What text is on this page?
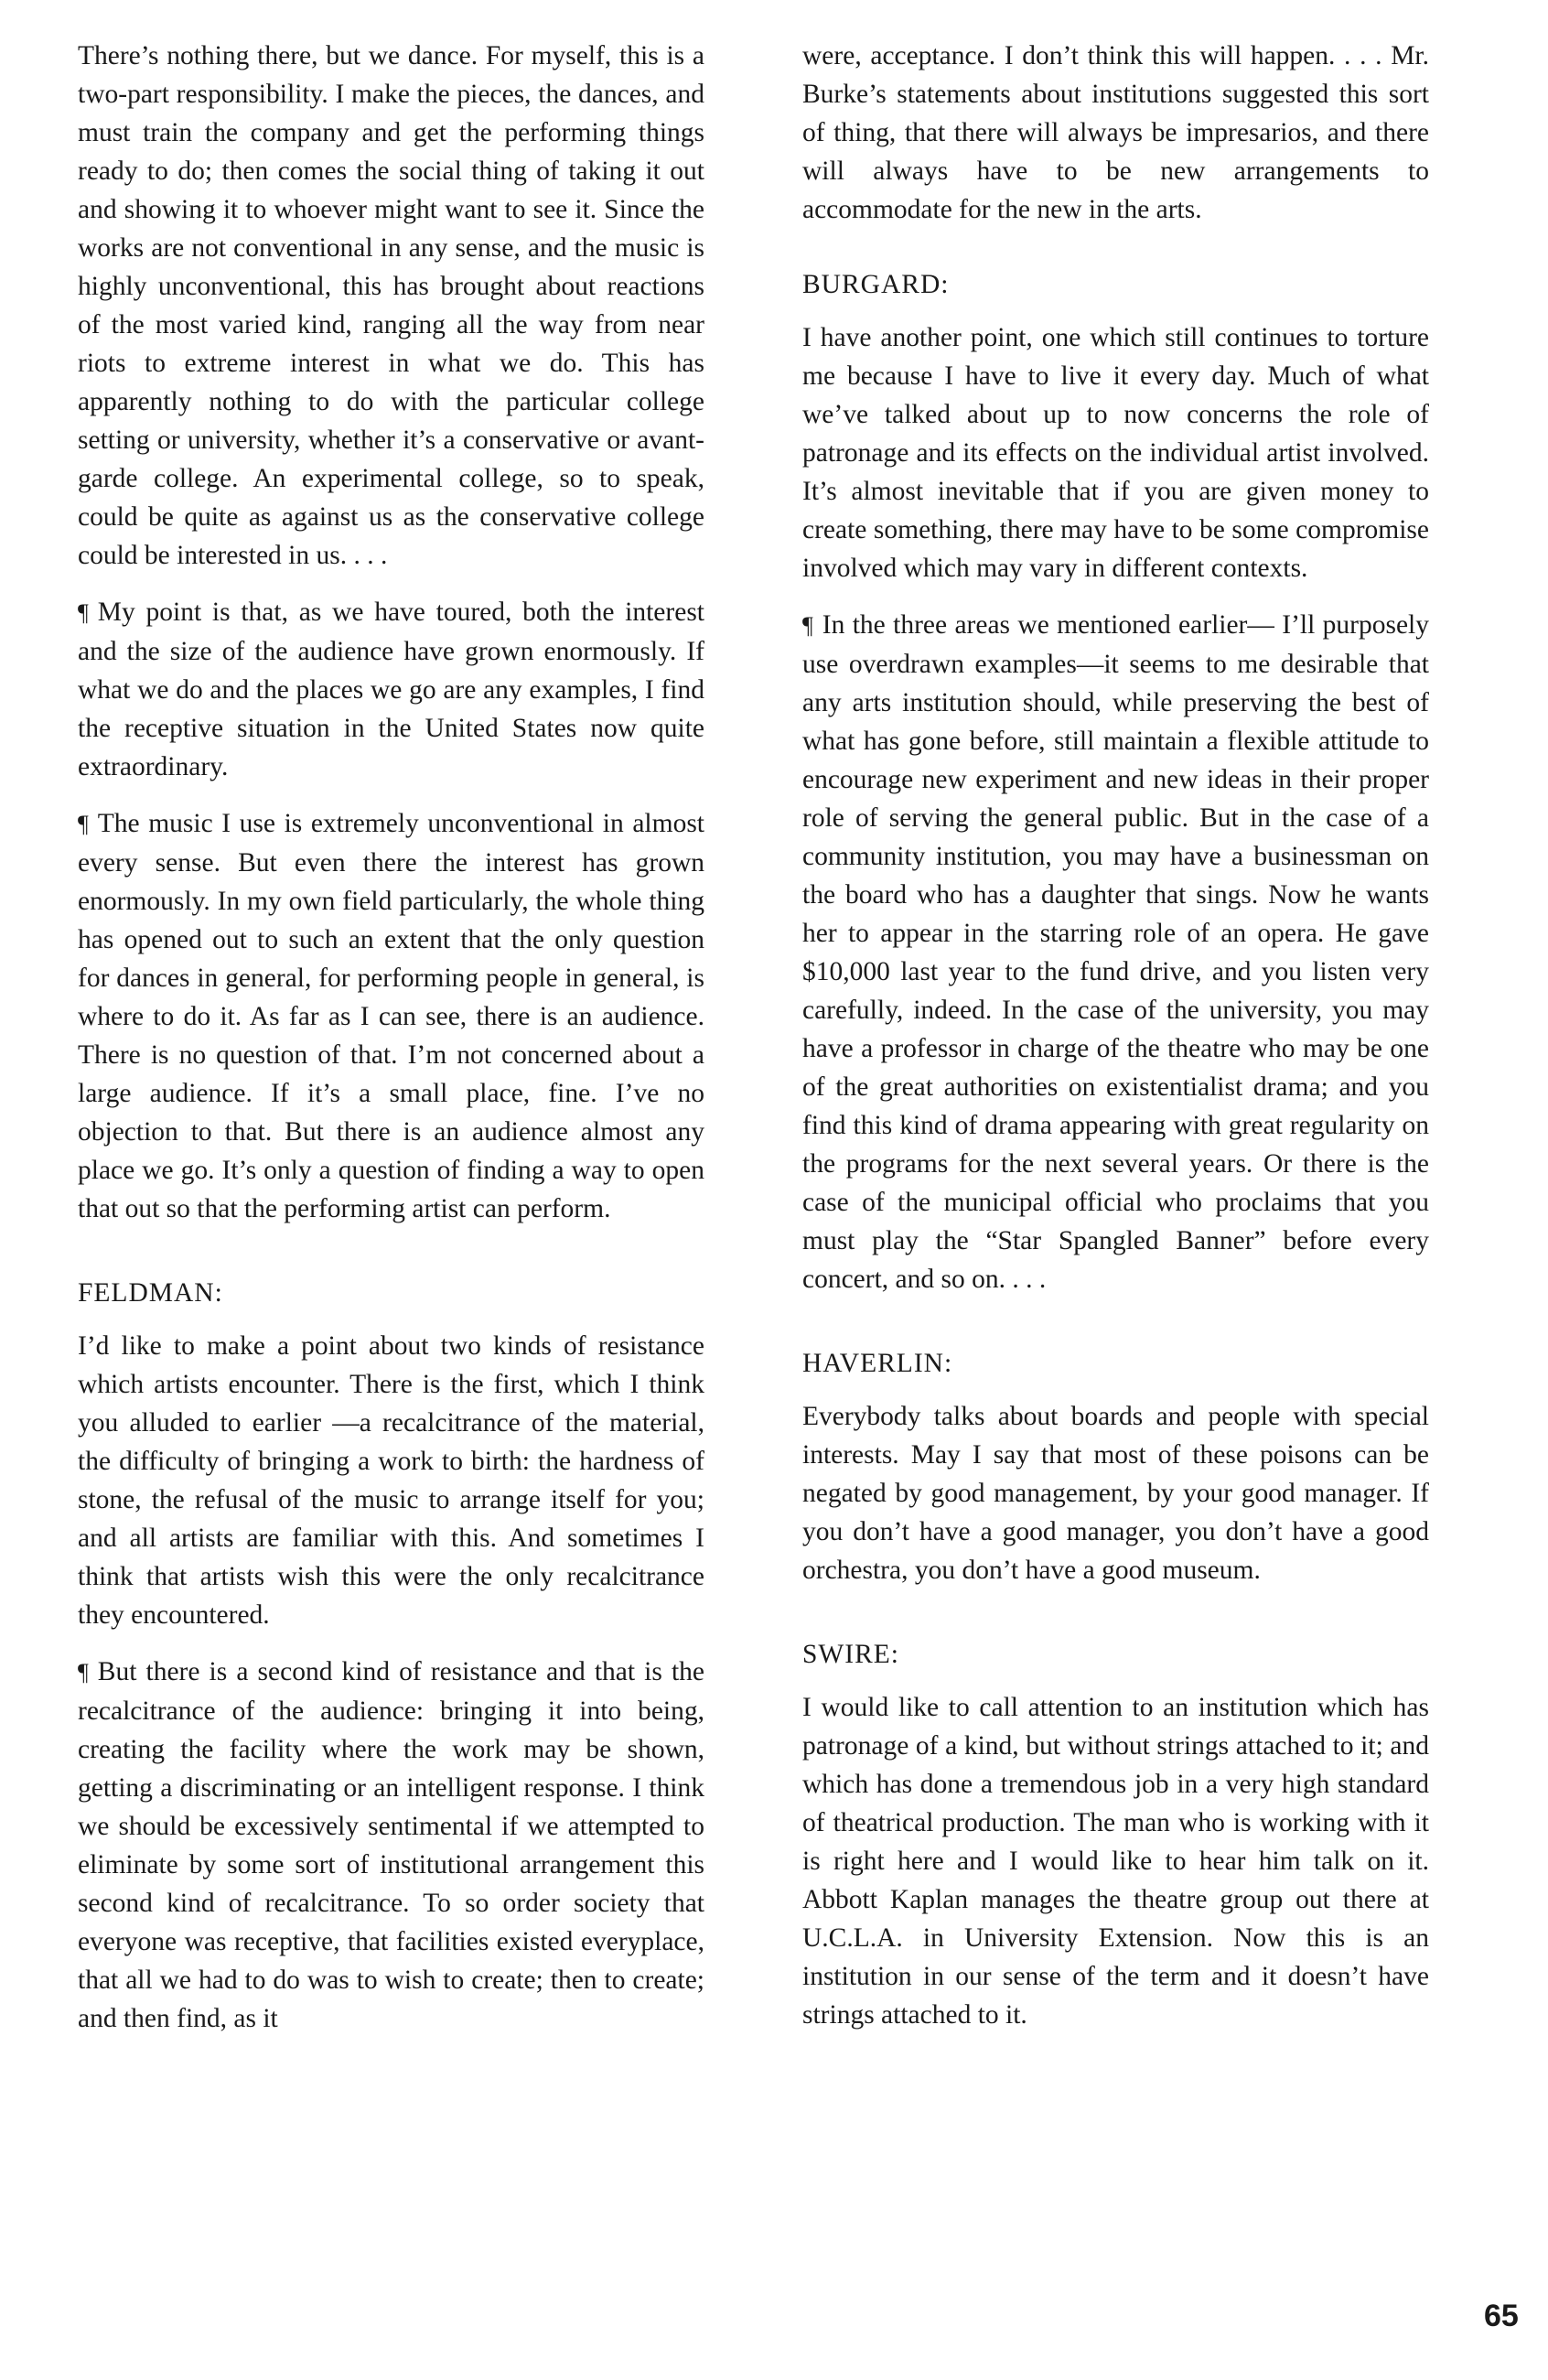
There’s nothing there, but we dance. For myself, this is a two-part responsibility. I make the pieces, the dances, and must train the company and get the performing things ready to do; then comes the social thing of taking it out and showing it to whoever might want to see it. Since the works are not conventional in any sense, and the music is highly unconventional, this has brought about reactions of the most varied kind, ranging all the way from near riots to extreme interest in what we do. This has apparently nothing to do with the particular college setting or university, whether it’s a conservative or avant-garde college. An experimental college, so to speak, could be quite as against us as the conservative college could be interested in us. . . .

¶ My point is that, as we have toured, both the interest and the size of the audience have grown enormously. If what we do and the places we go are any examples, I find the receptive situation in the United States now quite extraordinary.

¶ The music I use is extremely unconventional in almost every sense. But even there the interest has grown enormously. In my own field particularly, the whole thing has opened out to such an extent that the only question for dances in general, for performing people in general, is where to do it. As far as I can see, there is an audience. There is no question of that. I’m not concerned about a large audience. If it’s a small place, fine. I’ve no objection to that. But there is an audience almost any place we go. It’s only a question of finding a way to open that out so that the performing artist can perform.

FELDMAN:

I’d like to make a point about two kinds of resistance which artists encounter. There is the first, which I think you alluded to earlier —a recalcitrance of the material, the difficulty of bringing a work to birth: the hardness of stone, the refusal of the music to arrange itself for you; and all artists are familiar with this. And sometimes I think that artists wish this were the only recalcitrance they encountered.

¶ But there is a second kind of resistance and that is the recalcitrance of the audience: bringing it into being, creating the facility where the work may be shown, getting a discriminating or an intelligent response. I think we should be excessively sentimental if we attempted to eliminate by some sort of institutional arrangement this second kind of recalcitrance. To so order society that everyone was receptive, that facilities existed everyplace, that all we had to do was to wish to create; then to create; and then find, as it

were, acceptance. I don’t think this will happen. . . . Mr. Burke’s statements about institutions suggested this sort of thing, that there will always be impresarios, and there will always have to be new arrangements to accommodate for the new in the arts.

BURGARD:

I have another point, one which still continues to torture me because I have to live it every day. Much of what we’ve talked about up to now concerns the role of patronage and its effects on the individual artist involved. It’s almost inevitable that if you are given money to create something, there may have to be some compromise involved which may vary in different contexts.

¶ In the three areas we mentioned earlier— I’ll purposely use overdrawn examples—it seems to me desirable that any arts institution should, while preserving the best of what has gone before, still maintain a flexible attitude to encourage new experiment and new ideas in their proper role of serving the general public. But in the case of a community institution, you may have a businessman on the board who has a daughter that sings. Now he wants her to appear in the starring role of an opera. He gave $10,000 last year to the fund drive, and you listen very carefully, indeed. In the case of the university, you may have a professor in charge of the theatre who may be one of the great authorities on existentialist drama; and you find this kind of drama appearing with great regularity on the programs for the next several years. Or there is the case of the municipal official who proclaims that you must play the “Star Spangled Banner” before every concert, and so on. . . .

HAVERLIN:

Everybody talks about boards and people with special interests. May I say that most of these poisons can be negated by good management, by your good manager. If you don’t have a good manager, you don’t have a good orchestra, you don’t have a good museum.

SWIRE:

I would like to call attention to an institution which has patronage of a kind, but without strings attached to it; and which has done a tremendous job in a very high standard of theatrical production. The man who is working with it is right here and I would like to hear him talk on it. Abbott Kaplan manages the theatre group out there at U.C.L.A. in University Extension. Now this is an institution in our sense of the term and it doesn’t have strings attached to it.

65
